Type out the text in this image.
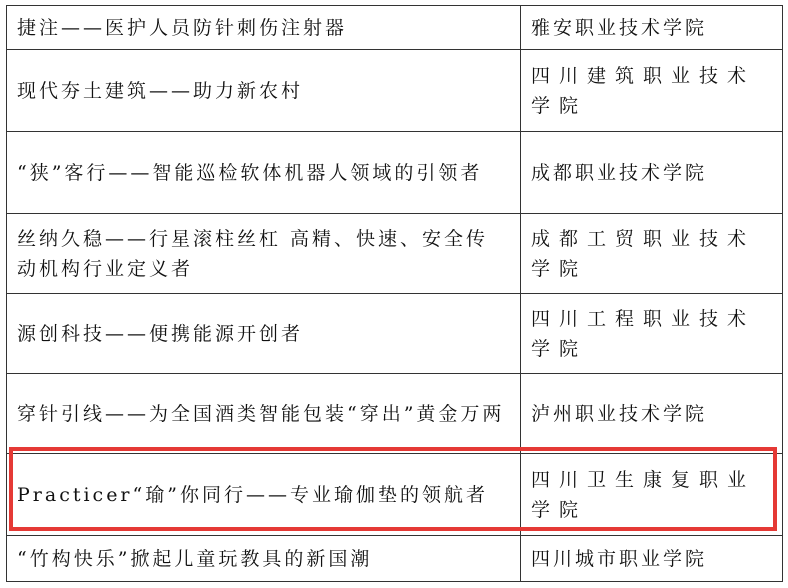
捷注——医护人员防针刺伤注射器	雅安职业技术学院
现代夯土建筑——助力新农村	四川建筑职业技术学院
“狭”客行——智能巡检软体机器人领域的引领者	成都职业技术学院
丝纳久稳——行星滚柱丝杠 高精、快速、安全传动机构行业定义者	成都工贸职业技术学院
源创科技——便携能源开创者	四川工程职业技术学院
穿针引线——为全国酒类智能包装“穿出”黄金万两	泸州职业技术学院
Practicer“瑜”你同行——专业瑜伽垫的领航者	四川卫生康复职业学院
“竹构快乐”掀起儿童玩教具的新国潮	四川城市职业学院
